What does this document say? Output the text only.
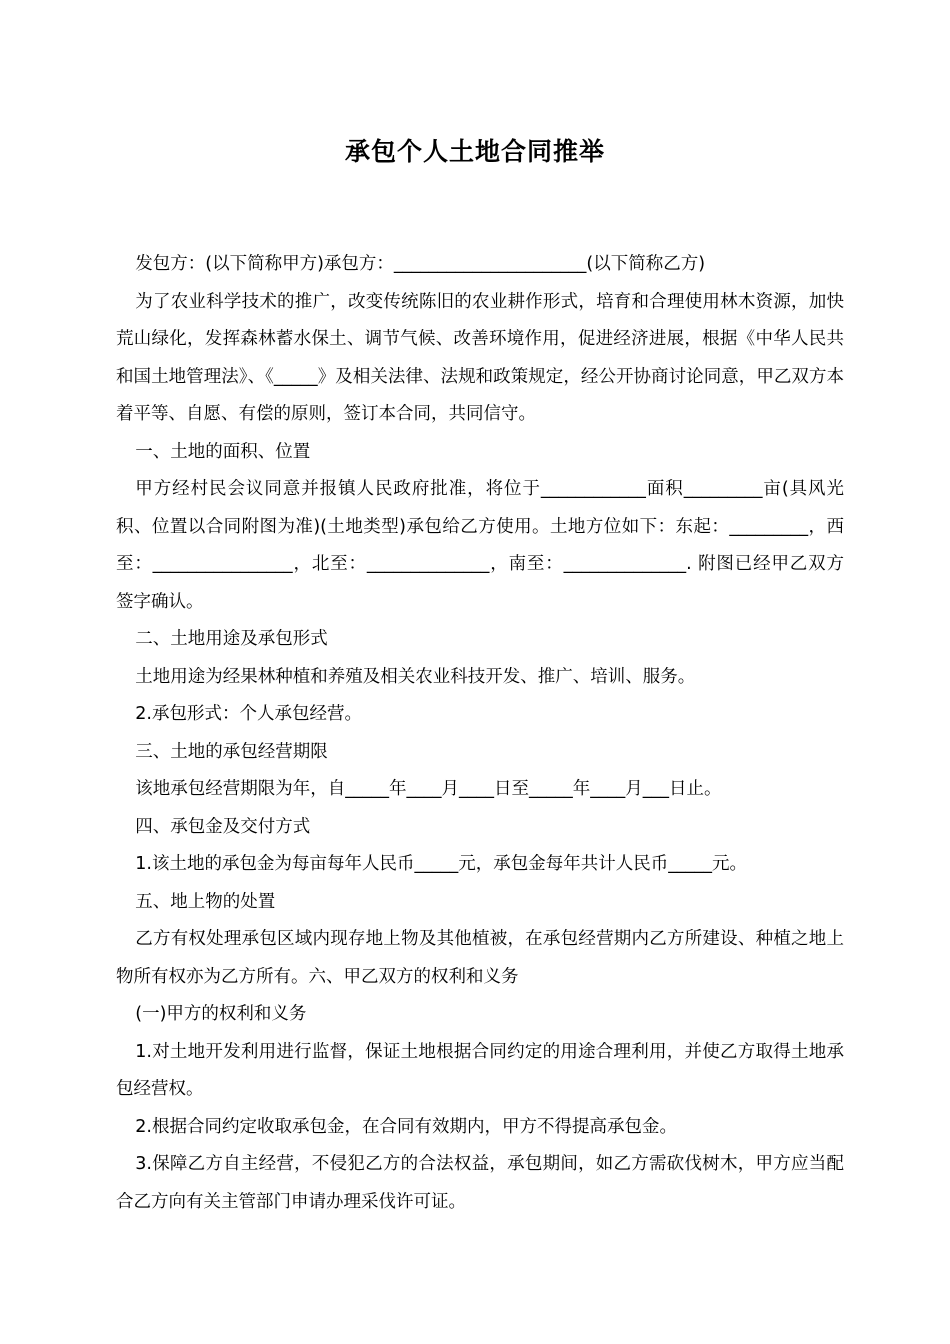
承包个人土地合同推举

发包方：(以下简称甲方)承包方：______________________(以下简称乙方)

为了农业科学技术的推广，改变传统陈旧的农业耕作形式，培育和合理使用林木资源，加快荒山绿化，发挥森林蓄水保土、调节气候、改善环境作用，促进经济进展，根据《中华人民共和国土地管理法》、《_____》及相关法律、法规和政策规定，经公开协商讨论同意，甲乙双方本着平等、自愿、有偿的原则，签订本合同，共同信守。

一、土地的面积、位置

甲方经村民会议同意并报镇人民政府批准，将位于____________面积_________亩(具风光积、位置以合同附图为准)(土地类型)承包给乙方使用。土地方位如下：东起：_________，西至：________________，北至：______________，南至：______________. 附图已经甲乙双方签字确认。

二、土地用途及承包形式

土地用途为经果林种植和养殖及相关农业科技开发、推广、培训、服务。

2.承包形式：个人承包经营。

三、土地的承包经营期限

该地承包经营期限为年，自_____年____月____日至_____年____月___日止。

四、承包金及交付方式

1.该土地的承包金为每亩每年人民币_____元，承包金每年共计人民币_____元。

五、地上物的处置

乙方有权处理承包区域内现存地上物及其他植被，在承包经营期内乙方所建设、种植之地上物所有权亦为乙方所有。六、甲乙双方的权利和义务

(一)甲方的权利和义务

1.对土地开发利用进行监督，保证土地根据合同约定的用途合理利用，并使乙方取得土地承包经营权。

2.根据合同约定收取承包金，在合同有效期内，甲方不得提高承包金。

3.保障乙方自主经营，不侵犯乙方的合法权益，承包期间，如乙方需砍伐树木，甲方应当配合乙方向有关主管部门申请办理采伐许可证。
